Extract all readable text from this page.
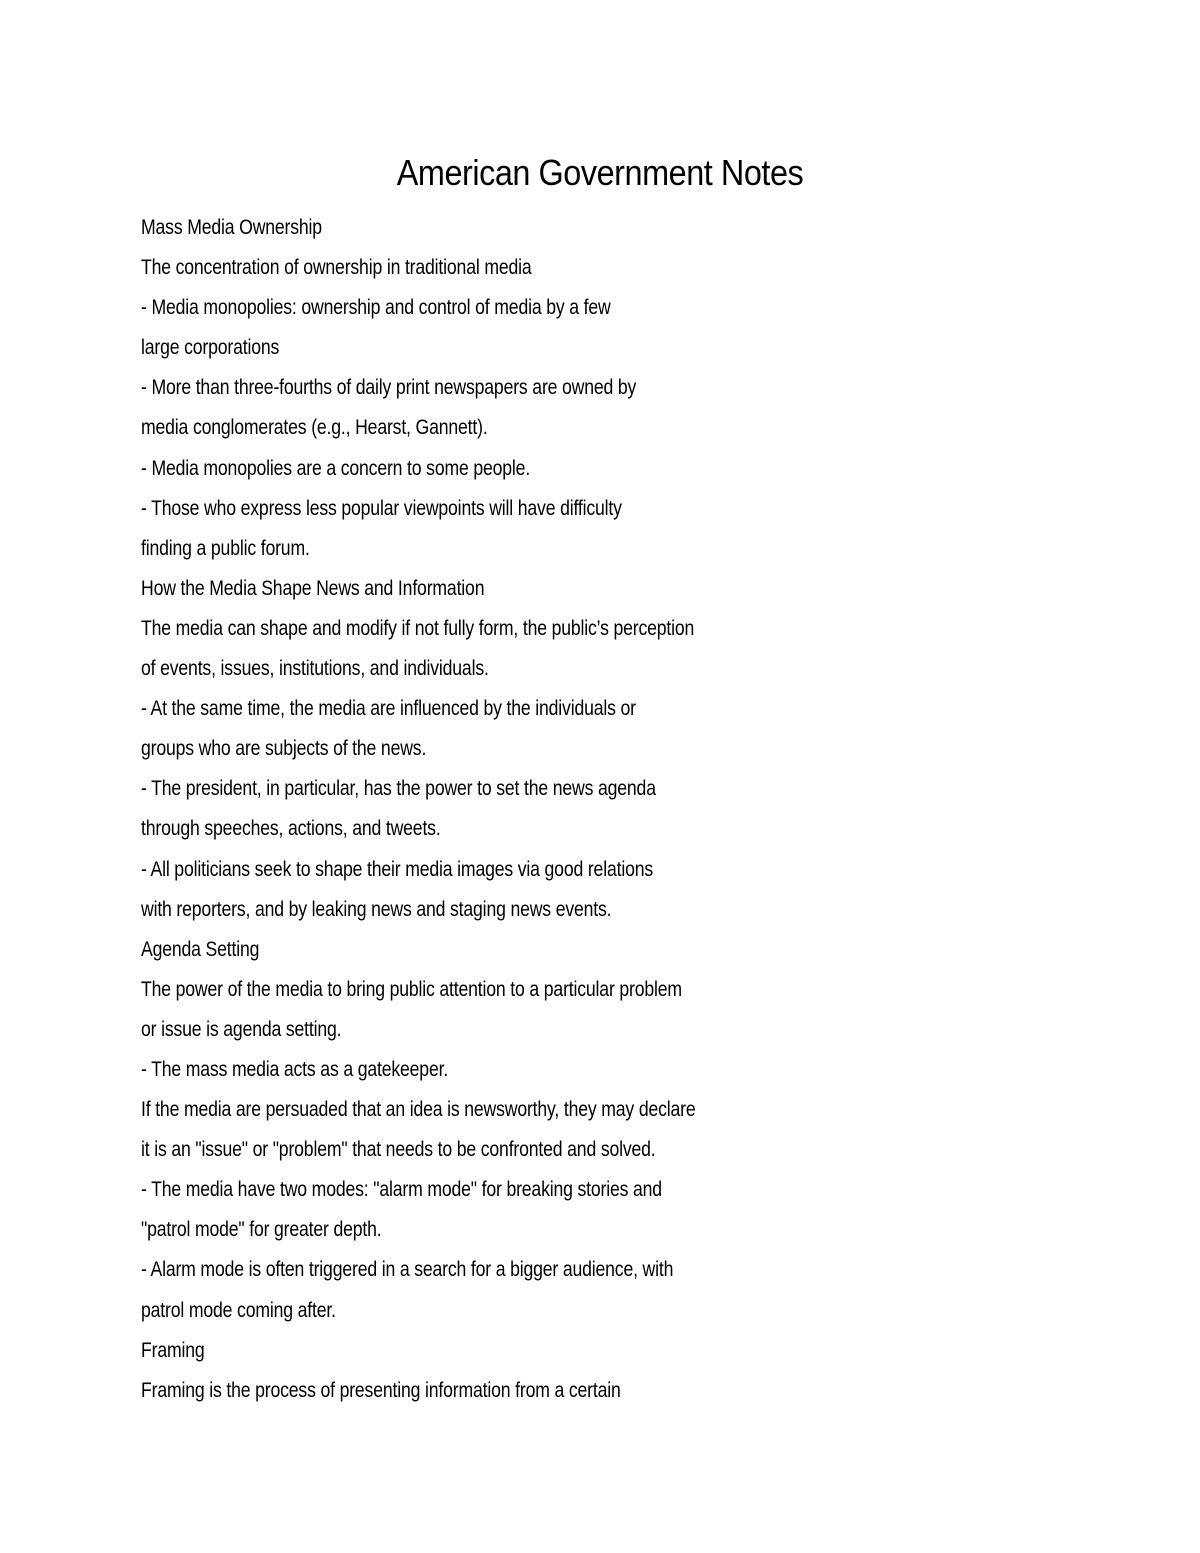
American Government Notes
Mass Media Ownership
The concentration of ownership in traditional media
- Media monopolies: ownership and control of media by a few
large corporations
- More than three-fourths of daily print newspapers are owned by
media conglomerates (e.g., Hearst, Gannett).
- Media monopolies are a concern to some people.
- Those who express less popular viewpoints will have difficulty
finding a public forum.
How the Media Shape News and Information
The media can shape and modify if not fully form, the public’s perception
of events, issues, institutions, and individuals.
- At the same time, the media are influenced by the individuals or
groups who are subjects of the news.
- The president, in particular, has the power to set the news agenda
through speeches, actions, and tweets.
- All politicians seek to shape their media images via good relations
with reporters, and by leaking news and staging news events.
Agenda Setting
The power of the media to bring public attention to a particular problem
or issue is agenda setting.
- The mass media acts as a gatekeeper.
If the media are persuaded that an idea is newsworthy, they may declare
it is an "issue" or "problem" that needs to be confronted and solved.
- The media have two modes: "alarm mode" for breaking stories and
"patrol mode" for greater depth.
- Alarm mode is often triggered in a search for a bigger audience, with
patrol mode coming after.
Framing
Framing is the process of presenting information from a certain
